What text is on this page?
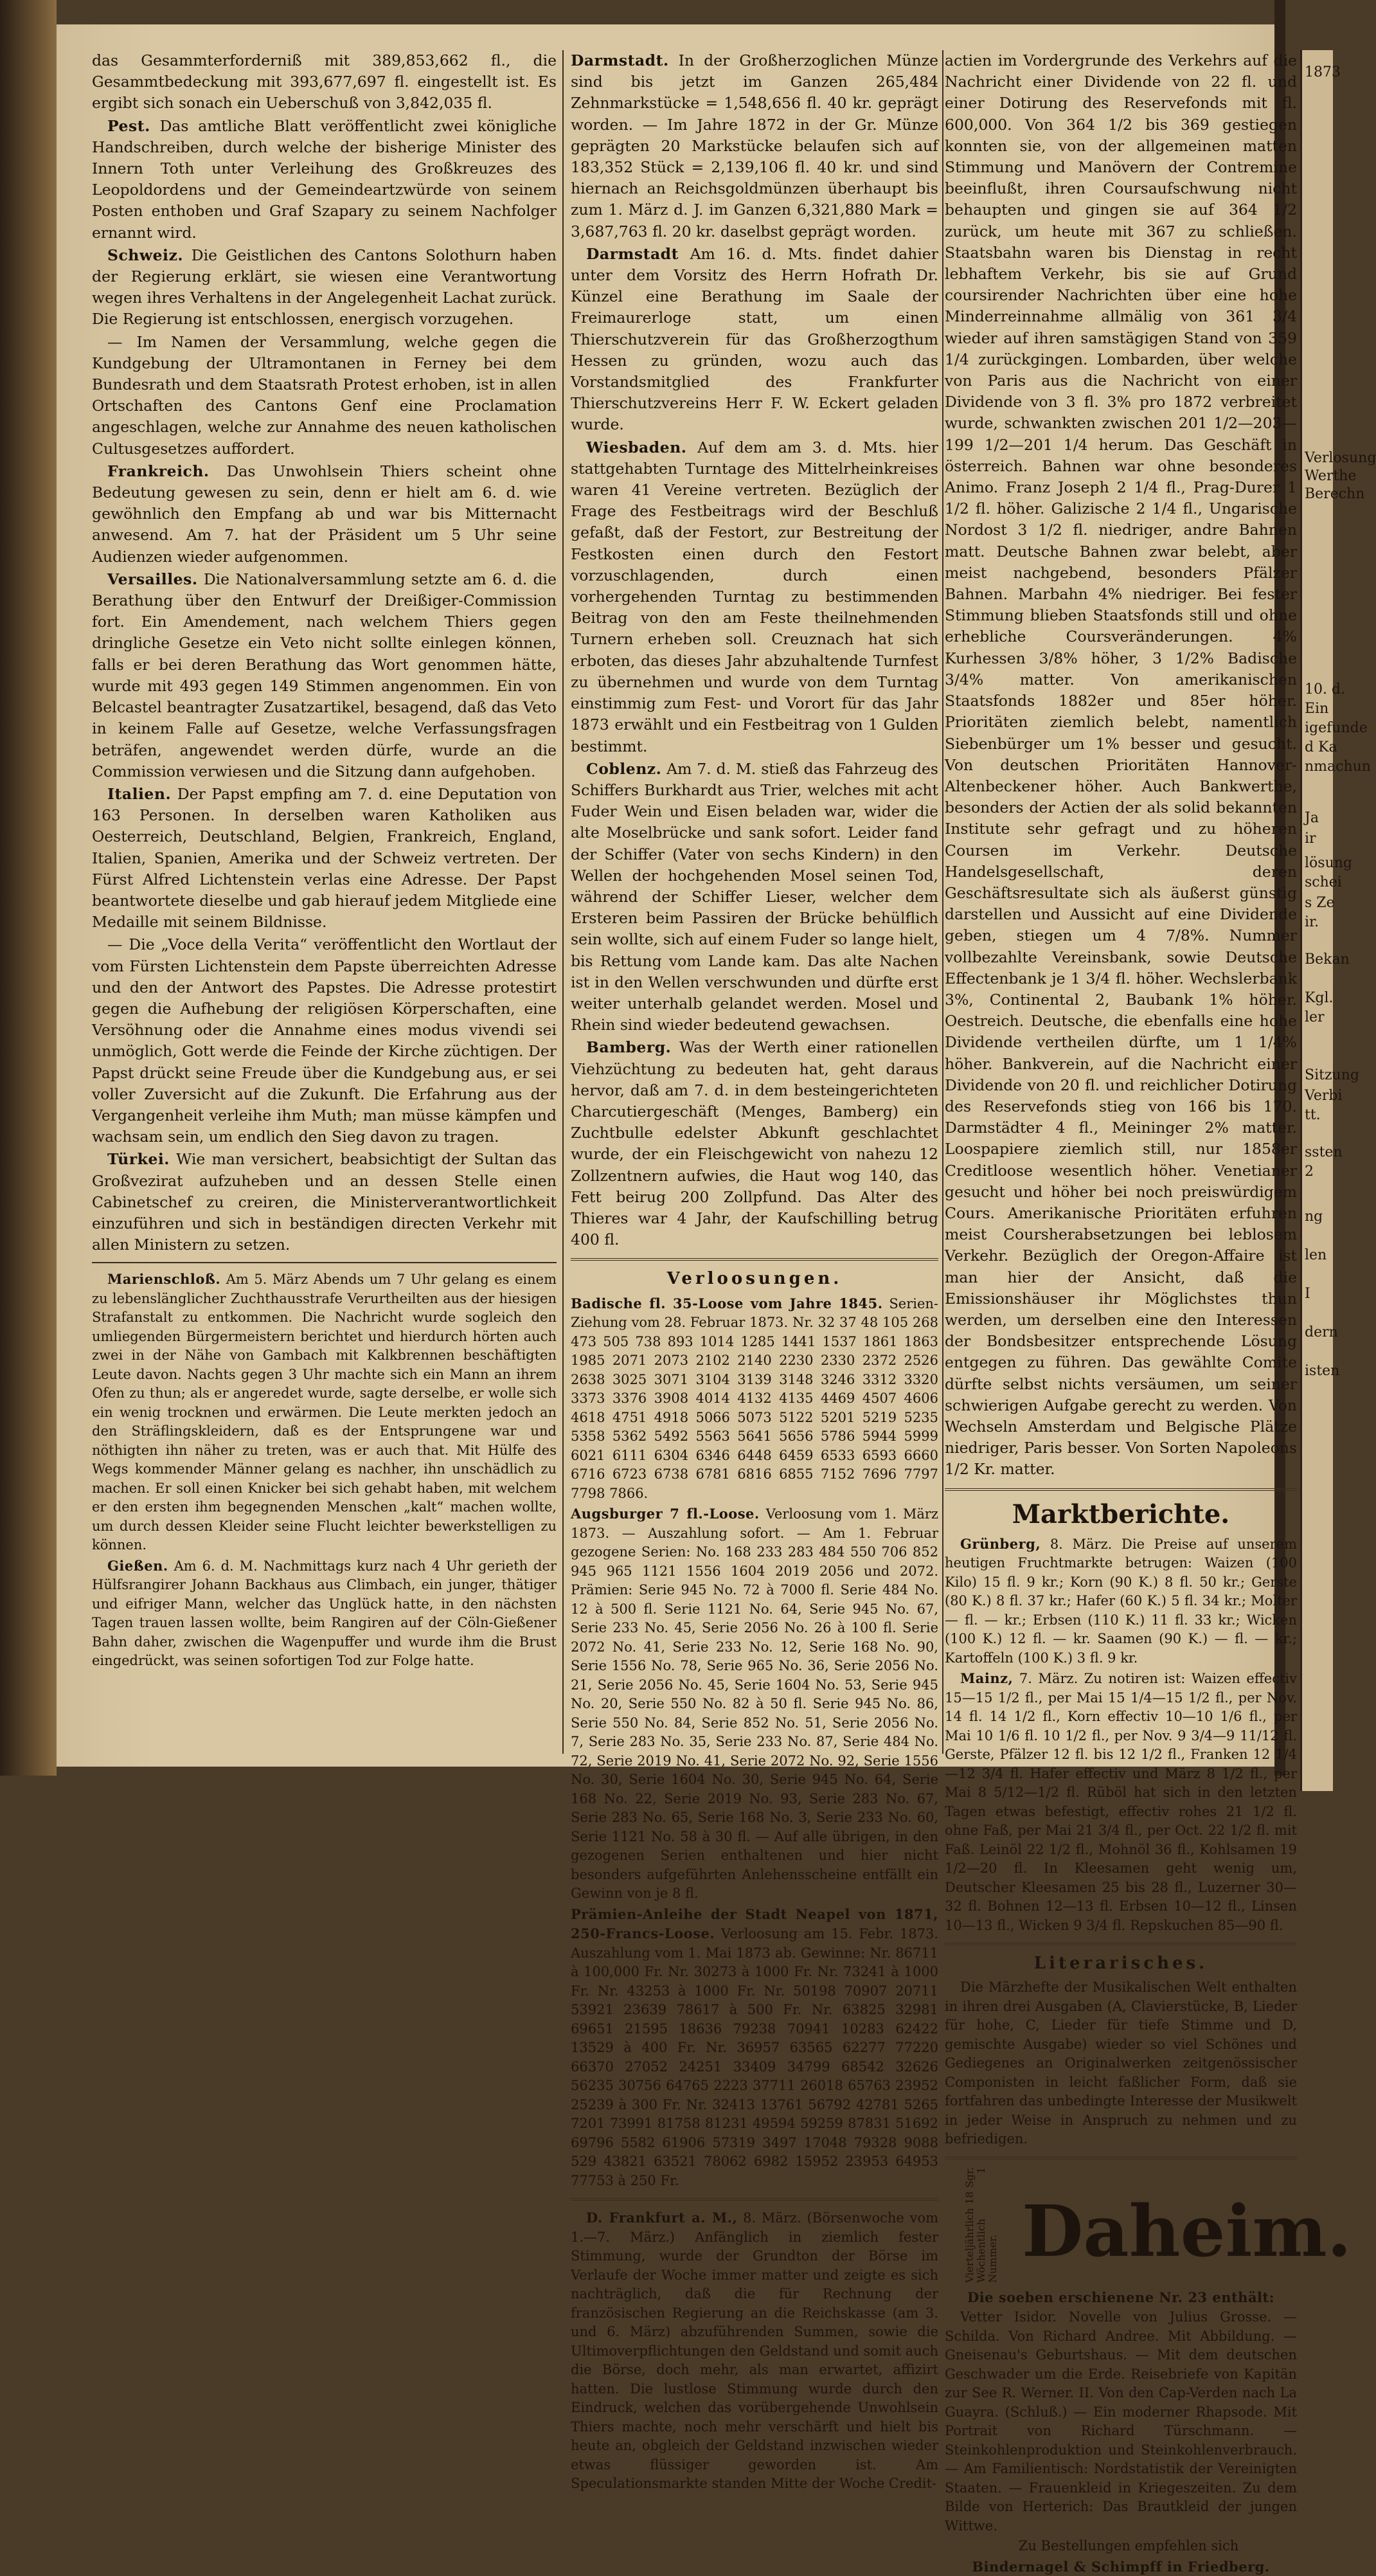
das Gesammterforderniß mit 389,853,662 fl., die Gesammtbedeckung mit 393,677,697 fl. eingestellt ist. Es ergibt sich sonach ein Ueberschuß von 3,842,035 fl.

Pest. Das amtliche Blatt veröffentlicht zwei königliche Handschreiben, durch welche der bisherige Minister des Innern Toth unter Verleihung des Großkreuzes des Leopoldordens und der Gemeindeartzwürde von seinem Posten enthoben und Graf Szapary zu seinem Nachfolger ernannt wird.

Schweiz. Die Geistlichen des Cantons Solothurn haben der Regierung erklärt, sie wiesen eine Verantwortung wegen ihres Verhaltens in der Angelegenheit Lachat zurück. Die Regierung ist entschlossen, energisch vorzugehen.

— Im Namen der Versammlung, welche gegen die Kundgebung der Ultramontanen in Ferney bei dem Bundesrath und dem Staatsrath Protest erhoben, ist in allen Ortschaften des Cantons Genf eine Proclamation angeschlagen, welche zur Annahme des neuen katholischen Cultusgesetzes auffordert.

Frankreich. Das Unwohlsein Thiers scheint ohne Bedeutung gewesen zu sein, denn er hielt am 6. d. wie gewöhnlich den Empfang ab und war bis Mitternacht anwesend. Am 7. hat der Präsident um 5 Uhr seine Audienzen wieder aufgenommen.

Versailles. Die Nationalversammlung setzte am 6. d. die Berathung über den Entwurf der Dreißiger-Commission fort. Ein Amendement, nach welchem Thiers gegen dringliche Gesetze ein Veto nicht sollte einlegen können, falls er bei deren Berathung das Wort genommen hätte, wurde mit 493 gegen 149 Stimmen angenommen. Ein von Belcastel beantragter Zusatzartikel, besagend, daß das Veto in keinem Falle auf Gesetze, welche Verfassungsfragen beträfen, angewendet werden dürfe, wurde an die Commission verwiesen und die Sitzung dann aufgehoben.

Italien. Der Papst empfing am 7. d. eine Deputation von 163 Personen. In derselben waren Katholiken aus Oesterreich, Deutschland, Belgien, Frankreich, England, Italien, Spanien, Amerika und der Schweiz vertreten. Der Fürst Alfred Lichtenstein verlas eine Adresse. Der Papst beantwortete dieselbe und gab hierauf jedem Mitgliede eine Medaille mit seinem Bildnisse.

— Die „Voce della Verita“ veröffentlicht den Wortlaut der vom Fürsten Lichtenstein dem Papste überreichten Adresse und den der Antwort des Papstes. Die Adresse protestirt gegen die Aufhebung der religiösen Körperschaften, eine Versöhnung oder die Annahme eines modus vivendi sei unmöglich, Gott werde die Feinde der Kirche züchtigen. Der Papst drückt seine Freude über die Kundgebung aus, er sei voller Zuversicht auf die Zukunft. Die Erfahrung aus der Vergangenheit verleihe ihm Muth; man müsse kämpfen und wachsam sein, um endlich den Sieg davon zu tragen.

Türkei. Wie man versichert, beabsichtigt der Sultan das Großvezirat aufzuheben und an dessen Stelle einen Cabinetschef zu creiren, die Ministerverantwortlichkeit einzuführen und sich in beständigen directen Verkehr mit allen Ministern zu setzen.

Marienschloß. Am 5. März Abends um 7 Uhr gelang es einem zu lebenslänglicher Zuchthausstrafe Verurtheilten aus der hiesigen Strafanstalt zu entkommen. Die Nachricht wurde sogleich den umliegenden Bürgermeistern berichtet und hierdurch hörten auch zwei in der Nähe von Gambach mit Kalkbrennen beschäftigten Leute davon. Nachts gegen 3 Uhr machte sich ein Mann an ihrem Ofen zu thun; als er angeredet wurde, sagte derselbe, er wolle sich ein wenig trocknen und erwärmen. Die Leute merkten jedoch an den Sträflingskleidern, daß es der Entsprungene war und nöthigten ihn näher zu treten, was er auch that. Mit Hülfe des Wegs kommender Männer gelang es nachher, ihn unschädlich zu machen. Er soll einen Knicker bei sich gehabt haben, mit welchem er den ersten ihm begegnenden Menschen „kalt“ machen wollte, um durch dessen Kleider seine Flucht leichter bewerkstelligen zu können.

Gießen. Am 6. d. M. Nachmittags kurz nach 4 Uhr gerieth der Hülfsrangirer Johann Backhaus aus Climbach, ein junger, thätiger und eifriger Mann, welcher das Unglück hatte, in den nächsten Tagen trauen lassen wollte, beim Rangiren auf der Cöln-Gießener Bahn daher, zwischen die Wagenpuffer und wurde ihm die Brust eingedrückt, was seinen sofortigen Tod zur Folge hatte.

Darmstadt. In der Großherzoglichen Münze sind bis jetzt im Ganzen 265,484 Zehnmarkstücke = 1,548,656 fl. 40 kr. geprägt worden. — Im Jahre 1872 in der Gr. Münze geprägten 20 Markstücke belaufen sich auf 183,352 Stück = 2,139,106 fl. 40 kr. und sind hiernach an Reichsgoldmünzen überhaupt bis zum 1. März d. J. im Ganzen 6,321,880 Mark = 3,687,763 fl. 20 kr. daselbst geprägt worden.

Darmstadt Am 16. d. Mts. findet dahier unter dem Vorsitz des Herrn Hofrath Dr. Künzel eine Berathung im Saale der Freimaurerloge statt, um einen Thierschutzverein für das Großherzogthum Hessen zu gründen, wozu auch das Vorstandsmitglied des Frankfurter Thierschutzvereins Herr F. W. Eckert geladen wurde.

Wiesbaden. Auf dem am 3. d. Mts. hier stattgehabten Turntage des Mittelrheinkreises waren 41 Vereine vertreten. Bezüglich der Frage des Festbeitrags wird der Beschluß gefaßt, daß der Festort, zur Bestreitung der Festkosten einen durch den Festort vorzuschlagenden, durch einen vorhergehenden Turntag zu bestimmenden Beitrag von den am Feste theilnehmenden Turnern erheben soll. Creuznach hat sich erboten, das dieses Jahr abzuhaltende Turnfest zu übernehmen und wurde von dem Turntag einstimmig zum Fest- und Vorort für das Jahr 1873 erwählt und ein Festbeitrag von 1 Gulden bestimmt.

Coblenz. Am 7. d. M. stieß das Fahrzeug des Schiffers Burkhardt aus Trier, welches mit acht Fuder Wein und Eisen beladen war, wider die alte Moselbrücke und sank sofort. Leider fand der Schiffer (Vater von sechs Kindern) in den Wellen der hochgehenden Mosel seinen Tod, während der Schiffer Lieser, welcher dem Ersteren beim Passiren der Brücke behülflich sein wollte, sich auf einem Fuder so lange hielt, bis Rettung vom Lande kam. Das alte Nachen ist in den Wellen verschwunden und dürfte erst weiter unterhalb gelandet werden. Mosel und Rhein sind wieder bedeutend gewachsen.

Bamberg. Was der Werth einer rationellen Viehzüchtung zu bedeuten hat, geht daraus hervor, daß am 7. d. in dem besteingerichteten Charcutiergeschäft (Menges, Bamberg) ein Zuchtbulle edelster Abkunft geschlachtet wurde, der ein Fleischgewicht von nahezu 12 Zollzentnern aufwies, die Haut wog 140, das Fett beirug 200 Zollpfund. Das Alter des Thieres war 4 Jahr, der Kaufschilling betrug 400 fl.

Verloosungen.

Badische fl. 35-Loose vom Jahre 1845. Serien-Ziehung vom 28. Februar 1873. Nr. 32 37 48 105 268 473 505 738 893 1014 1285 1441 1537 1861 1863 1985 2071 2073 2102 2140 2230 2330 2372 2526 2638 3025 3071 3104 3139 3148 3246 3312 3320 3373 3376 3908 4014 4132 4135 4469 4507 4606 4618 4751 4918 5066 5073 5122 5201 5219 5235 5358 5362 5492 5563 5641 5656 5786 5944 5999 6021 6111 6304 6346 6448 6459 6533 6593 6660 6716 6723 6738 6781 6816 6855 7152 7696 7797 7798 7866.

Augsburger 7 fl.-Loose. Verloosung vom 1. März 1873. — Auszahlung sofort. — Am 1. Februar gezogene Serien: No. 168 233 283 484 550 706 852 945 965 1121 1556 1604 2019 2056 und 2072. Prämien: Serie 945 No. 72 à 7000 fl. Serie 484 No. 12 à 500 fl. Serie 1121 No. 64, Serie 945 No. 67, Serie 233 No. 45, Serie 2056 No. 26 à 100 fl. Serie 2072 No. 41, Serie 233 No. 12, Serie 168 No. 90, Serie 1556 No. 78, Serie 965 No. 36, Serie 2056 No. 21, Serie 2056 No. 45, Serie 1604 No. 53, Serie 945 No. 20, Serie 550 No. 82 à 50 fl. Serie 945 No. 86, Serie 550 No. 84, Serie 852 No. 51, Serie 2056 No. 7, Serie 283 No. 35, Serie 233 No. 87, Serie 484 No. 72, Serie 2019 No. 41, Serie 2072 No. 92, Serie 1556 No. 30, Serie 1604 No. 30, Serie 945 No. 64, Serie 168 No. 22, Serie 2019 No. 93, Serie 283 No. 67, Serie 283 No. 65, Serie 168 No. 3, Serie 233 No. 60, Serie 1121 No. 58 à 30 fl. — Auf alle übrigen, in den gezogenen Serien enthaltenen und hier nicht besonders aufgeführten Anlehensscheine entfällt ein Gewinn von je 8 fl.

Prämien-Anleihe der Stadt Neapel von 1871, 250-Francs-Loose. Verloosung am 15. Febr. 1873. Auszahlung vom 1. Mai 1873 ab. Gewinne: Nr. 86711 à 100,000 Fr. Nr. 30273 à 1000 Fr. Nr. 73241 à 1000 Fr. Nr. 43253 à 1000 Fr. Nr. 50198 70907 20711 53921 23639 78617 à 500 Fr. Nr. 63825 32981 69651 21595 18636 79238 70941 10283 62422 13529 à 400 Fr. Nr. 36957 63565 62277 77220 66370 27052 24251 33409 34799 68542 32626 56235 30756 64765 2223 37711 26018 65763 23952 25239 à 300 Fr. Nr. 32413 13761 56792 42781 5265 7201 73991 81758 81231 49594 59259 87831 51692 69796 5582 61906 57319 3497 17048 79328 9088 529 43821 63521 78062 6982 15952 23953 64953 77753 à 250 Fr.

D. Frankfurt a. M., 8. März. (Börsenwoche vom 1.—7. März.) Anfänglich in ziemlich fester Stimmung, wurde der Grundton der Börse im Verlaufe der Woche immer matter und zeigte es sich nachträglich, daß die für Rechnung der französischen Regierung an die Reichskasse (am 3. und 6. März) abzuführenden Summen, sowie die Ultimoverpflichtungen den Geldstand und somit auch die Börse, doch mehr, als man erwartet, affizirt hatten. Die lustlose Stimmung wurde durch den Eindruck, welchen das vorübergehende Unwohlsein Thiers machte, noch mehr verschärft und hielt bis heute an, obgleich der Geldstand inzwischen wieder etwas flüssiger geworden ist. Am Speculationsmarkte standen Mitte der Woche Credit-

actien im Vordergrunde des Verkehrs auf die Nachricht einer Dividende von 22 fl. und einer Dotirung des Reservefonds mit fl. 600,000. Von 364 1/2 bis 369 gestiegen konnten sie, von der allgemeinen matten Stimmung und Manövern der Contremine beeinflußt, ihren Coursaufschwung nicht behaupten und gingen sie auf 364 1/2 zurück, um heute mit 367 zu schließen. Staatsbahn waren bis Dienstag in recht lebhaftem Verkehr, bis sie auf Grund coursirender Nachrichten über eine hohe Minderreinnahme allmälig von 361 3/4 wieder auf ihren samstägigen Stand von 359 1/4 zurückgingen. Lombarden, über welche von Paris aus die Nachricht von einer Dividende von 3 fl. 3% pro 1872 verbreitet wurde, schwankten zwischen 201 1/2—203—199 1/2—201 1/4 herum. Das Geschäft in österreich. Bahnen war ohne besonderes Animo. Franz Joseph 2 1/4 fl., Prag-Durer 1 1/2 fl. höher. Galizische 2 1/4 fl., Ungarische Nordost 3 1/2 fl. niedriger, andre Bahnen matt. Deutsche Bahnen zwar belebt, aber meist nachgebend, besonders Pfälzer Bahnen. Marbahn 4% niedriger. Bei fester Stimmung blieben Staatsfonds still und ohne erhebliche Coursveränderungen. 4% Kurhessen 3/8% höher, 3 1/2% Badische 3/4% matter. Von amerikanischen Staatsfonds 1882er und 85er höher. Prioritäten ziemlich belebt, namentlich Siebenbürger um 1% besser und gesucht. Von deutschen Prioritäten Hannover-Altenbeckener höher. Auch Bankwerthe, besonders der Actien der als solid bekannten Institute sehr gefragt und zu höheren Coursen im Verkehr. Deutsche Handelsgesellschaft, deren Geschäftsresultate sich als äußerst günstig darstellen und Aussicht auf eine Dividende geben, stiegen um 4 7/8%. Nummer vollbezahlte Vereinsbank, sowie Deutsche Effectenbank je 1 3/4 fl. höher. Wechslerbank 3%, Continental 2, Baubank 1% höher. Oestreich. Deutsche, die ebenfalls eine hohe Dividende vertheilen dürfte, um 1 1/4% höher. Bankverein, auf die Nachricht einer Dividende von 20 fl. und reichlicher Dotirung des Reservefonds stieg von 166 bis 170. Darmstädter 4 fl., Meininger 2% matter. Loospapiere ziemlich still, nur 1858er Creditloose wesentlich höher. Venetianer gesucht und höher bei noch preiswürdigem Cours. Amerikanische Prioritäten erfuhren meist Coursherabsetzungen bei leblosem Verkehr. Bezüglich der Oregon-Affaire ist man hier der Ansicht, daß die Emissionshäuser ihr Möglichstes thun werden, um derselben eine den Interessen der Bondsbesitzer entsprechende Lösung entgegen zu führen. Das gewählte Comite dürfte selbst nichts versäumen, um seiner schwierigen Aufgabe gerecht zu werden. Von Wechseln Amsterdam und Belgische Plätze niedriger, Paris besser. Von Sorten Napoleons 1/2 Kr. matter.

Marktberichte.

Grünberg, 8. März. Die Preise auf unserem heutigen Fruchtmarkte betrugen: Waizen (100 Kilo) 15 fl. 9 kr.; Korn (90 K.) 8 fl. 50 kr.; Gerste (80 K.) 8 fl. 37 kr.; Hafer (60 K.) 5 fl. 34 kr.; Molter — fl. — kr.; Erbsen (110 K.) 11 fl. 33 kr.; Wicken (100 K.) 12 fl. — kr. Saamen (90 K.) — fl. — kr.; Kartoffeln (100 K.) 3 fl. 9 kr.

Mainz, 7. März. Zu notiren ist: Waizen effectiv 15—15 1/2 fl., per Mai 15 1/4—15 1/2 fl., per Nov. 14 fl. 14 1/2 fl., Korn effectiv 10—10 1/6 fl., per Mai 10 1/6 fl. 10 1/2 fl., per Nov. 9 3/4—9 11/12 fl. Gerste, Pfälzer 12 fl. bis 12 1/2 fl., Franken 12 1/4—12 3/4 fl. Hafer effectiv und März 8 1/2 fl., per Mai 8 5/12—1/2 fl. Rüböl hat sich in den letzten Tagen etwas befestigt, effectiv rohes 21 1/2 fl. ohne Faß, per Mai 21 3/4 fl., per Oct. 22 1/2 fl. mit Faß. Leinöl 22 1/2 fl., Mohnöl 36 fl., Kohlsamen 19 1/2—20 fl. In Kleesamen geht wenig um, Deutscher Kleesamen 25 bis 28 fl., Luzerner 30—32 fl. Bohnen 12—13 fl. Erbsen 10—12 fl., Linsen 10—13 fl., Wicken 9 3/4 fl. Repskuchen 85—90 fl.

Literarisches.

Die Märzhefte der Musikalischen Welt enthalten in ihren drei Ausgaben (A, Clavierstücke, B, Lieder für hohe, C, Lieder für tiefe Stimme und D, gemischte Ausgabe) wieder so viel Schönes und Gediegenes an Originalwerken zeitgenössischer Componisten in leicht faßlicher Form, daß sie fortfahren das unbedingte Interesse der Musikwelt in jeder Weise in Anspruch zu nehmen und zu befriedigen.

Vierteljährlich 18 Sgr. Wöchentlich 1 Nummer. Daheim.

Die soeben erschienene Nr. 23 enthält:

Vetter Isidor. Novelle von Julius Grosse. — Schilda. Von Richard Andree. Mit Abbildung. — Gneisenau's Geburtshaus. — Mit dem deutschen Geschwader um die Erde. Reisebriefe von Kapitän zur See R. Werner. II. Von den Cap-Verden nach La Guayra. (Schluß.) — Ein moderner Rhapsode. Mit Portrait von Richard Türschmann. — Steinkohlenproduktion und Steinkohlenverbrauch. — Am Familientisch: Nordstatistik der Vereinigten Staaten. — Frauenkleid in Kriegeszeiten. Zu dem Bilde von Herterich: Das Brautkleid der jungen Wittwe.

Zu Bestellungen empfehlen sich

Bindernagel & Schimpff in Friedberg.

1873
Verlosung
Werthe
Berechn
10. d.
Ein
igefunde
d Ka
nmachun
Ja
ir
lösung
schei
s Ze
ir.
Bekan
Kgl.
ler
Sitzung
Verbi
tt.
ssten
2
ng
len
I
dern
isten
